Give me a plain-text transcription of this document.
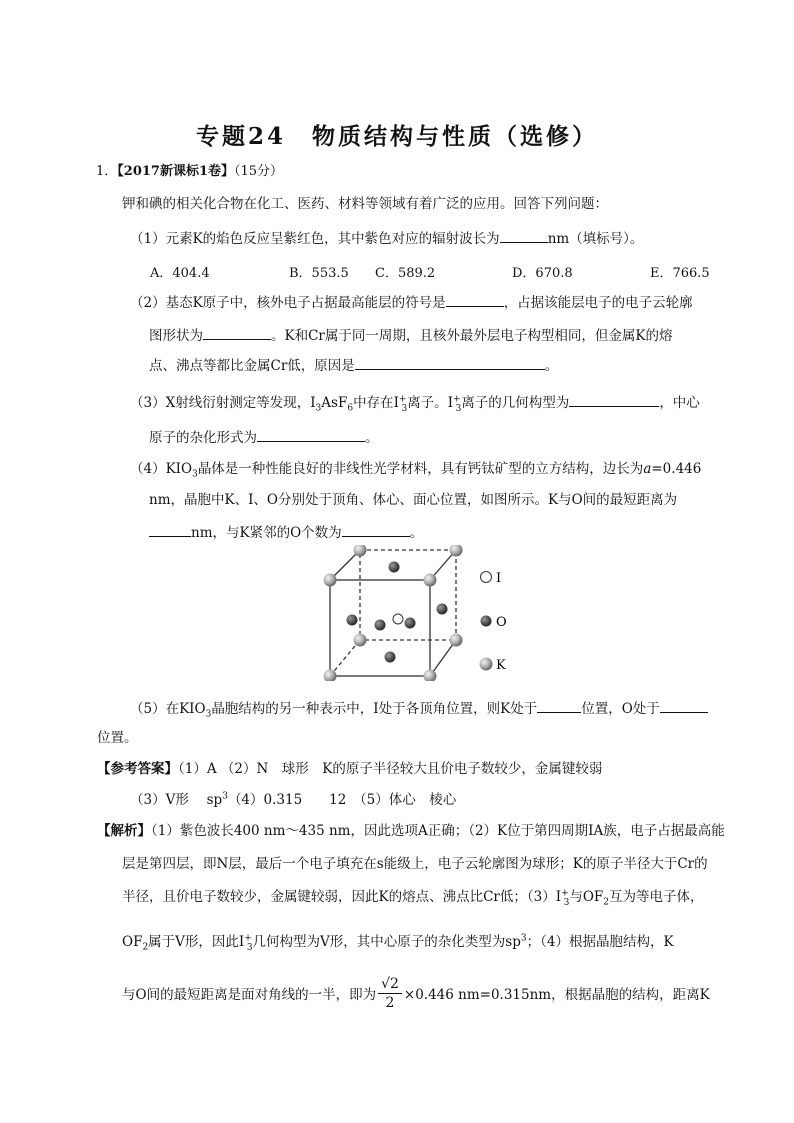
专题24　物质结构与性质（选修）
1．【2017新课标1卷】（15分）
钾和碘的相关化合物在化工、医药、材料等领域有着广泛的应用。回答下列问题：
（1）元素K的焰色反应呈紫红色，其中紫色对应的辐射波长为	nm（填标号）。
A．404.4	B．553.5 C．589.2	D．670.8	E．766.5
（2）基态K原子中，核外电子占据最高能层的符号是	，占据该能层电子的电子云轮廓
图形状为	。K和Cr属于同一周期，且核外最外层电子构型相同，但金属K的熔
点、沸点等都比金属Cr低，原因是	。
（3）X射线衍射测定等发现，$I_3AsF_6$中存在$I^+_3$离子。$I^+_3$离子的几何构型为	，中心
原子的杂化形式为	。
$(4)KIO_3$晶体是一种性能良好的非线性光学材料，具有钙钛矿型的立方结构，边长为a=0.446
nm，晶胞中K、I、O分别处于顶角、体心、面心位置，如图所示。K与O间的最短距离为
nm，与K紧邻的O个数为	。
I
O
K
（5）在$KIO_3$晶胞结构的另一种表示中，I处于各顶角位置，则K处于	位置，O处于
位置。
【参考答案】（1）A （2）N　球形　K的原子半径较大且价电子数较少，金属键较弱
（3）V形　 $sp^3(4)0.315$　　12　（5）体心　棱心
【解析】（1）紫色波长400 nm～435 nm，因此选项A正确；（2）K位于第四周期IA族，电子占据最高能
层是第四层，即N层，最后一个电子填充在s能级上，电子云轮廓图为球形；K的原子半径大于Cr的
半径，且价电子数较少，金属键较弱，因此K的熔点、沸点比Cr低；$(3)I^+_3$与$OF_2$互为等电子体，
$OF_2$属于V形，因此$I^+_3$几何构型为V形，其中心原子的杂化类型为$sp^3$；（4）根据晶胞结构，K
与O间的最短距离是面对角线的一半，即为 $\frac{√2}{2} \times 0.446$ nm=0.315nm，根据晶胞的结构，距离K
